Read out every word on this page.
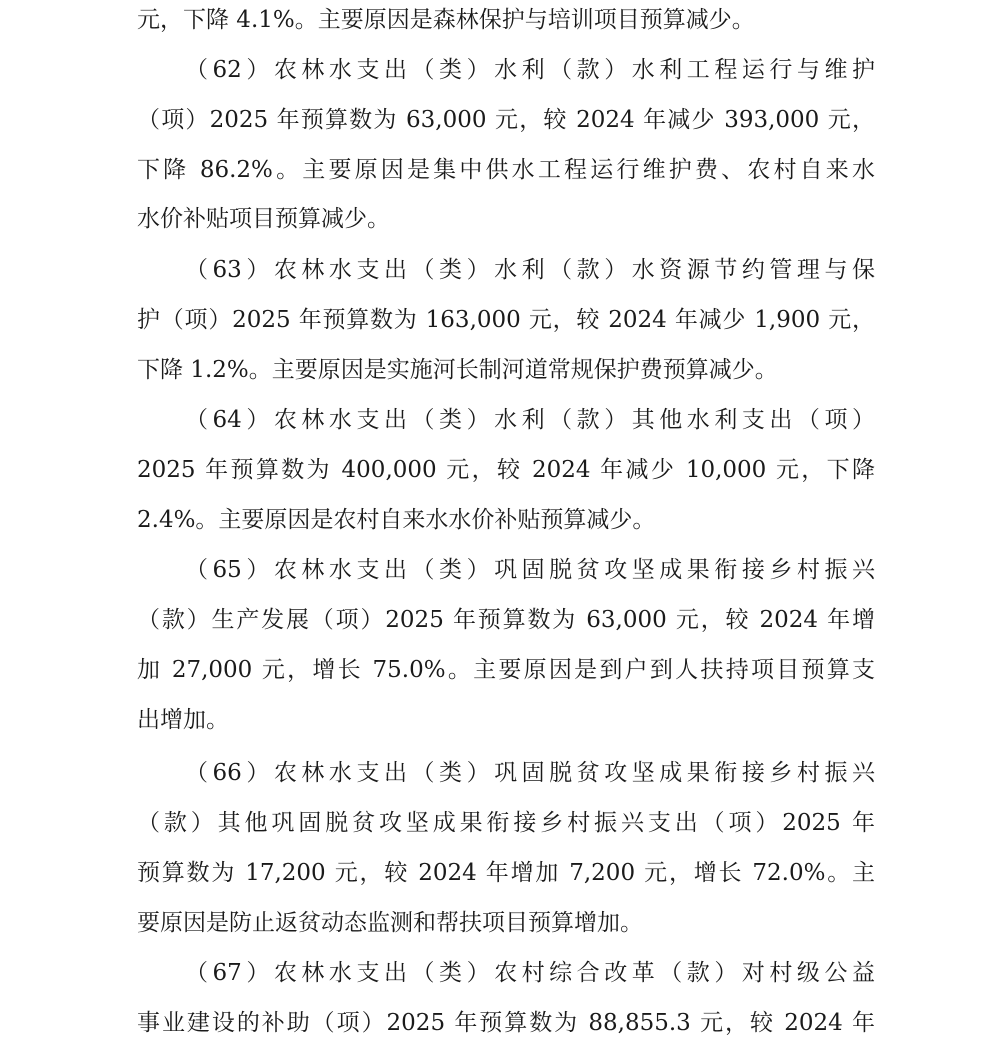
元，下降 4.1%。主要原因是森林保护与培训项目预算减少。
（62）农林水支出（类）水利（款）水利工程运行与维护
（项）2025 年预算数为 63,000 元，较 2024 年减少 393,000 元，
下降 86.2%。主要原因是集中供水工程运行维护费、农村自来水
水价补贴项目预算减少。
（63）农林水支出（类）水利（款）水资源节约管理与保
护（项）2025 年预算数为 163,000 元，较 2024 年减少 1,900 元，
下降 1.2%。主要原因是实施河长制河道常规保护费预算减少。
（64）农林水支出（类）水利（款）其他水利支出（项）
2025 年预算数为 400,000 元，较 2024 年减少 10,000 元，下降
2.4%。主要原因是农村自来水水价补贴预算减少。
（65）农林水支出（类）巩固脱贫攻坚成果衔接乡村振兴
（款）生产发展（项）2025 年预算数为 63,000 元，较 2024 年增
加 27,000 元，增长 75.0%。主要原因是到户到人扶持项目预算支
出增加。
（66）农林水支出（类）巩固脱贫攻坚成果衔接乡村振兴
（款）其他巩固脱贫攻坚成果衔接乡村振兴支出（项）2025 年
预算数为 17,200 元，较 2024 年增加 7,200 元，增长 72.0%。主
要原因是防止返贫动态监测和帮扶项目预算增加。
（67）农林水支出（类）农村综合改革（款）对村级公益
事业建设的补助（项）2025 年预算数为 88,855.3 元，较 2024 年
